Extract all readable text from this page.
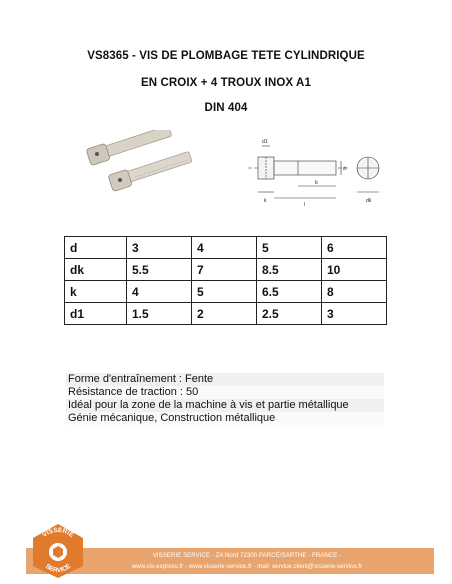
VS8365 - VIS DE PLOMBAGE TETE CYLINDRIQUE
EN CROIX + 4 TROUX INOX A1
DIN 404
d1
d
b
k
l
dk
d	3	4	5	6
dk	5.5	7	8.5	10
k	4	5	6.5	8
d1	1.5	2	2.5	3
Forme d'entraînement : Fente
Résistance de traction : 50
Idéal pour la zone de la machine à vis et partie métallique
Génie mécanique, Construction métallique
VISSERIE SERVICE - ZA Nord 72300 PARCÉ/SARTHE - FRANCE -
www.vis-express.fr - www.visserie-service.fr - mail: service.client@visserie-service.fr
VISSERIE
SERVICE
